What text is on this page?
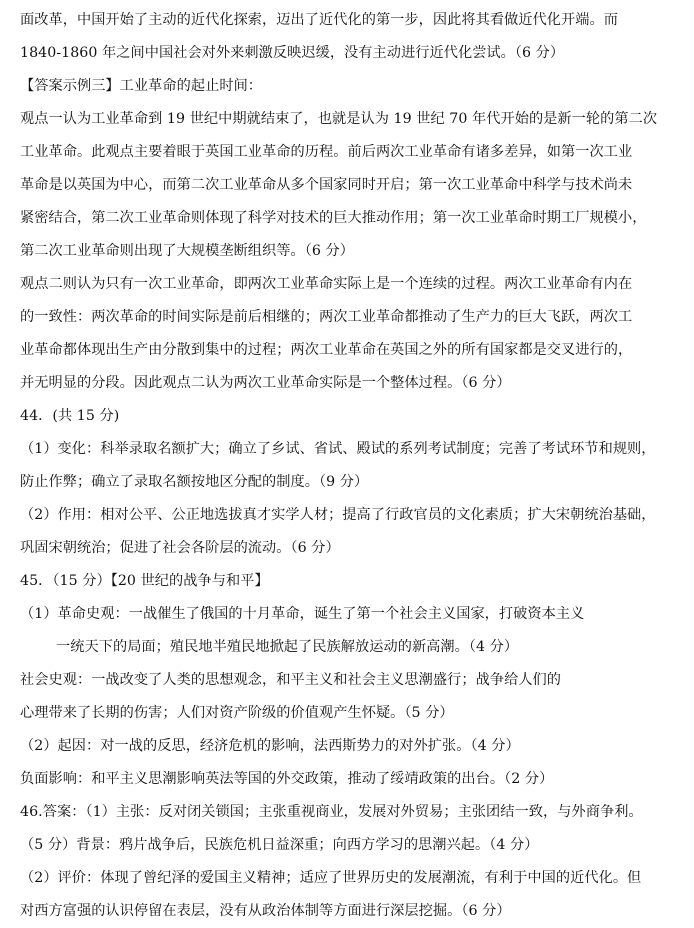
面改革，中国开始了主动的近代化探索，迈出了近代化的第一步，因此将其看做近代化开端。而
1840-1860 年之间中国社会对外来刺激反映迟缓，没有主动进行近代化尝试。（6 分）
【答案示例三】工业革命的起止时间：
观点一认为工业革命到 19 世纪中期就结束了，也就是认为 19 世纪 70 年代开始的是新一轮的第二次
工业革命。此观点主要着眼于英国工业革命的历程。前后两次工业革命有诸多差异，如第一次工业
革命是以英国为中心，而第二次工业革命从多个国家同时开启；第一次工业革命中科学与技术尚未
紧密结合，第二次工业革命则体现了科学对技术的巨大推动作用；第一次工业革命时期工厂规模小，
第二次工业革命则出现了大规模垄断组织等。（6 分）
观点二则认为只有一次工业革命，即两次工业革命实际上是一个连续的过程。两次工业革命有内在
的一致性：两次革命的时间实际是前后相继的；两次工业革命都推动了生产力的巨大飞跃，两次工
业革命都体现出生产由分散到集中的过程；两次工业革命在英国之外的所有国家都是交叉进行的，
并无明显的分段。因此观点二认为两次工业革命实际是一个整体过程。（6 分）
44．(共 15 分)
（1）变化：科举录取名额扩大；确立了乡试、省试、殿试的系列考试制度；完善了考试环节和规则，
防止作弊；确立了录取名额按地区分配的制度。（9 分）
（2）作用：相对公平、公正地选拔真才实学人材；提高了行政官员的文化素质；扩大宋朝统治基础，
巩固宋朝统治；促进了社会各阶层的流动。（6 分）
45．（15 分）【20 世纪的战争与和平】
（1）革命史观：一战催生了俄国的十月革命，诞生了第一个社会主义国家，打破资本主义
一统天下的局面；殖民地半殖民地掀起了民族解放运动的新高潮。（4 分）
社会史观：一战改变了人类的思想观念，和平主义和社会主义思潮盛行；战争给人们的
心理带来了长期的伤害；人们对资产阶级的价值观产生怀疑。（5 分）
（2）起因：对一战的反思，经济危机的影响，法西斯势力的对外扩张。（4 分）
负面影响：和平主义思潮影响英法等国的外交政策，推动了绥靖政策的出台。（2 分）
46.答案：（1）主张：反对闭关锁国；主张重视商业，发展对外贸易；主张团结一致，与外商争利。
（5 分）背景：鸦片战争后，民族危机日益深重；向西方学习的思潮兴起。（4 分）
（2）评价：体现了曾纪泽的爱国主义精神；适应了世界历史的发展潮流，有利于中国的近代化。但
对西方富强的认识停留在表层，没有从政治体制等方面进行深层挖掘。（6 分）
